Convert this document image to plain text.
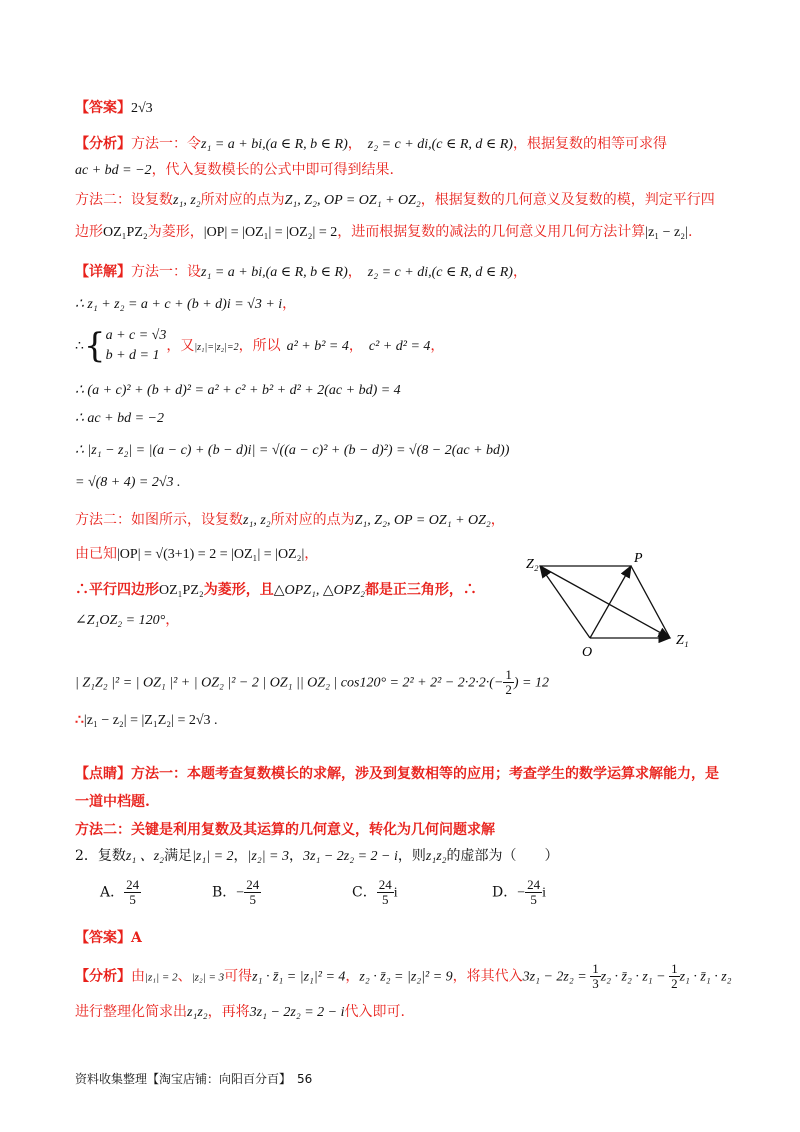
【答案】2√3
【分析】方法一：令z₁ = a + bi,(a ∈ R, b ∈ R)， z₂ = c + di,(c ∈ R, d ∈ R)，根据复数的相等可求得
ac + bd = −2，代入复数模长的公式中即可得到结果.
方法二：设复数z₁, z₂所对应的点为Z₁, Z₂, OP = OZ₁ + OZ₂，根据复数的几何意义及复数的模，判定平行四
边形OZ₁PZ₂为菱形，|OP| = |OZ₁| = |OZ₂| = 2，进而根据复数的减法的几何意义用几何方法计算|z₁ − z₂|.
【详解】方法一：设z₁ = a + bi,(a ∈ R, b ∈ R)， z₂ = c + di,(c ∈ R, d ∈ R)，
∴ z₁ + z₂ = a + c + (b + d)i = √3 + i，
∴{ a + c = √3
b + d = 1
，又|z₁|=|z₂|=2，所以 a² + b² = 4， c² + d² = 4，
∴ (a + c)² + (b + d)² = a² + c² + b² + d² + 2(ac + bd) = 4
∴ ac + bd = −2
∴ |z₁ − z₂| = |(a − c) + (b − d)i| = √((a − c)² + (b − d)²) = √(8 − 2(ac + bd))
= √(8 + 4) = 2√3 .
方法二：如图所示，设复数z₁, z₂所对应的点为Z₁, Z₂, OP = OZ₁ + OZ₂，
由已知|OP| = √(3+1) = 2 = |OZ₁| = |OZ₂|，
∴平行四边形OZ₁PZ₂为菱形，且△OPZ₁, △OPZ₂都是正三角形，∴
∠Z₁OZ₂ = 120°，
Z₂	P
Z₁
O
| Z₁Z₂ |² = | OZ₁ |² + | OZ₂ |² − 2 | OZ₁ || OZ₂ | $\cos 120^\circ = 2^2 + 2^2 - 2\cdot 2\cdot 2\cdot(- \frac{1}{2}$ ) = 12
∴|z₁ − z₂| = |Z₁Z₂| = 2√3 .
【点睛】方法一：本题考查复数模长的求解，涉及到复数相等的应用；考查学生的数学运算求解能力，是
一道中档题.
方法二：关键是利用复数及其运算的几何意义，转化为几何问题求解
2．复数z₁ 、z₂满足|z₁| = 2，|z₂| = 3，3z₁ − 2z₂ = 2 − i，则z₁z₂的虚部为（　　）
A． $\frac{24}{5}$	B．− $\frac{24}{5}$	C． $\frac{24}{5}$ i	D．− $\frac{24}{5}$ i
【答案】A
【分析】由|z₁| = 2、|z₂| = 3可得z₁ · z̄₁ = |z₁|² = 4，z₂ · z̄₂ = |z₂|² = 9，将其代入$3z_1 - 2z_2 = \frac{1}{3} z_2$ · z̄₂ · $z_1 - \frac{1}{2} z_1$ · z̄₁ · z₂
进行整理化简求出z₁z₂，再将3z₁ − 2z₂ = 2 − i代入即可.
资料收集整理【淘宝店铺：向阳百分百】　56
